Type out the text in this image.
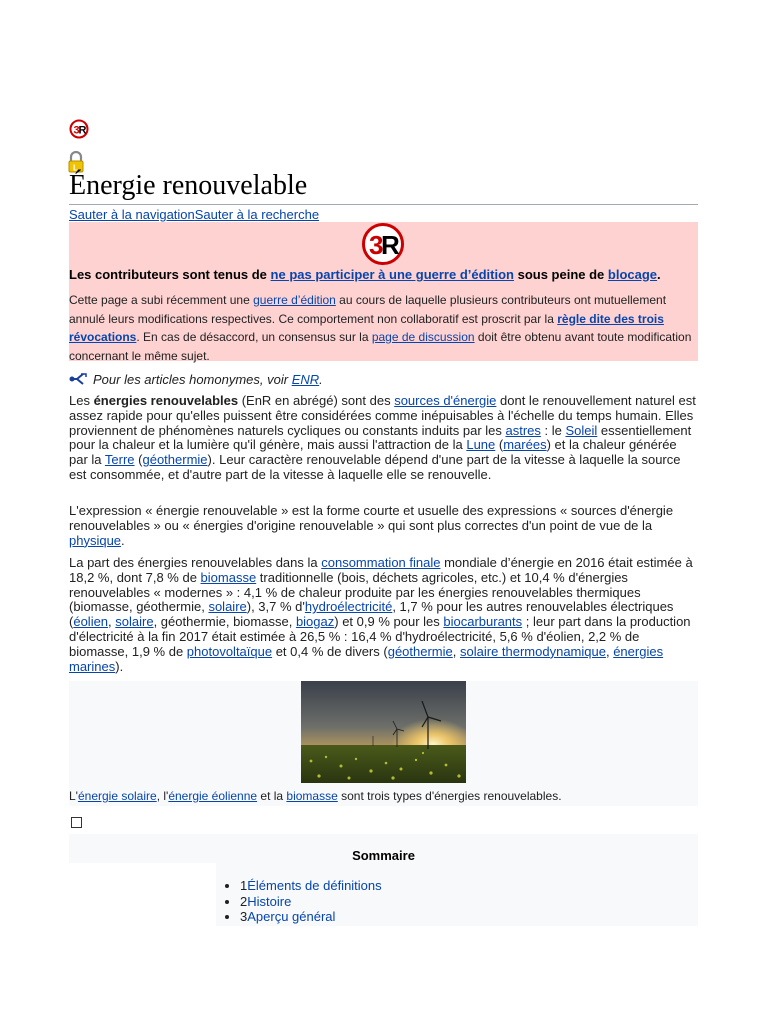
3
R
L
Énergie renouvelable
Sauter à la navigationSauter à la recherche
3
R
Les contributeurs sont tenus de ne pas participer à une guerre d’édition sous peine de blocage.
Cette page a subi récemment une guerre d’édition au cours de laquelle plusieurs contributeurs ont mutuellement annulé leurs modifications respectives. Ce comportement non collaboratif est proscrit par la règle dite des trois révocations. En cas de désaccord, un consensus sur la page de discussion doit être obtenu avant toute modification concernant le même sujet.
Pour les articles homonymes, voir ENR.

Les énergies renouvelables (EnR en abrégé) sont des sources d'énergie dont le renouvellement naturel est assez rapide pour qu'elles puissent être considérées comme inépuisables à l'échelle du temps humain. Elles proviennent de phénomènes naturels cycliques ou constants induits par les astres : le Soleil essentiellement pour la chaleur et la lumière qu'il génère, mais aussi l'attraction de la Lune (marées) et la chaleur générée par la Terre (géothermie). Leur caractère renouvelable dépend d'une part de la vitesse à laquelle la source est consommée, et d'autre part de la vitesse à laquelle elle se renouvelle.

L'expression « énergie renouvelable » est la forme courte et usuelle des expressions « sources d'énergie renouvelables » ou « énergies d'origine renouvelable » qui sont plus correctes d'un point de vue de la physique.

La part des énergies renouvelables dans la consommation finale mondiale d’énergie en 2016 était estimée à 18,2 %, dont 7,8 % de biomasse traditionnelle (bois, déchets agricoles, etc.) et 10,4 % d'énergies renouvelables « modernes » : 4,1 % de chaleur produite par les énergies renouvelables thermiques (biomasse, géothermie, solaire), 3,7 % d'hydroélectricité, 1,7 % pour les autres renouvelables électriques (éolien, solaire, géothermie, biomasse, biogaz) et 0,9 % pour les biocarburants ; leur part dans la production d'électricité à la fin 2017 était estimée à 26,5 % : 16,4 % d'hydroélectricité, 5,6 % d'éolien, 2,2 % de biomasse, 1,9 % de photovoltaïque et 0,4 % de divers (géothermie, solaire thermodynamique, énergies marines).

L'énergie solaire, l'énergie éolienne et la biomasse sont trois types d'énergies renouvelables.
Sommaire
• 1Éléments de définitions
• 2Histoire
• 3Aperçu général
